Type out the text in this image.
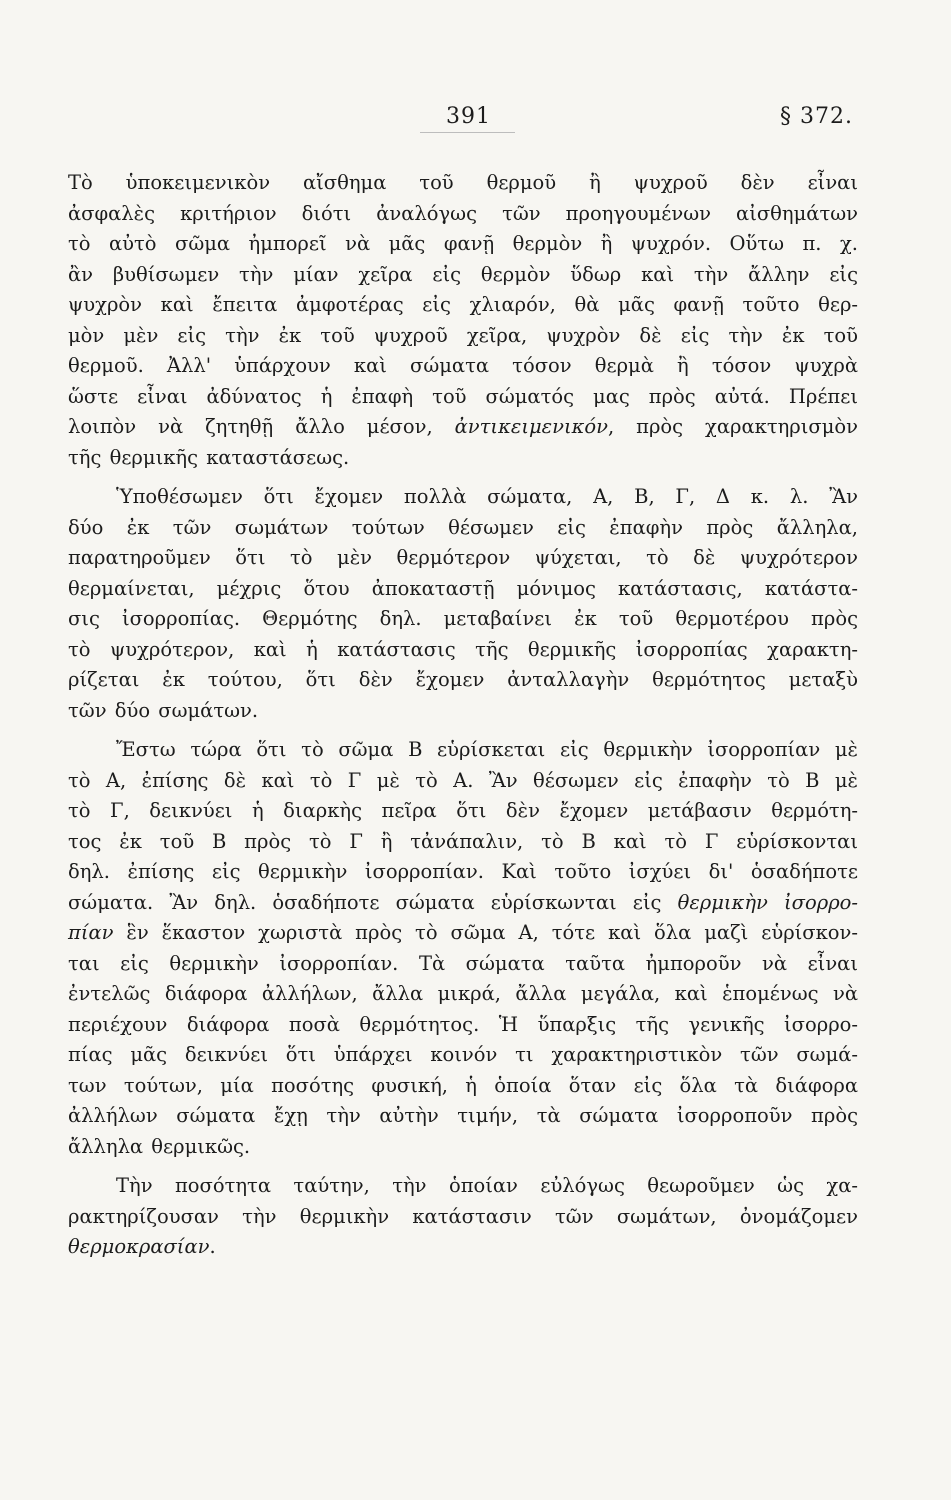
391	§ 372.
Τὸ ὑποκειμενικὸν αἴσθημα τοῦ θερμοῦ ἢ ψυχροῦ δὲν εἶναι
ἀσφαλὲς κριτήριον διότι ἀναλόγως τῶν προηγουμένων αἰσθημάτων
τὸ αὐτὸ σῶμα ἠμπορεῖ νὰ μᾶς φανῇ θερμὸν ἢ ψυχρόν. Οὕτω π. χ.
ἂν βυθίσωμεν τὴν μίαν χεῖρα εἰς θερμὸν ὕδωρ καὶ τὴν ἄλλην εἰς
ψυχρὸν καὶ ἔπειτα ἀμφοτέρας εἰς χλιαρόν, θὰ μᾶς φανῇ τοῦτο θερ-
μὸν μὲν εἰς τὴν ἐκ τοῦ ψυχροῦ χεῖρα, ψυχρὸν δὲ εἰς τὴν ἐκ τοῦ
θερμοῦ. Ἀλλ' ὑπάρχουν καὶ σώματα τόσον θερμὰ ἢ τόσον ψυχρὰ
ὥστε εἶναι ἀδύνατος ἡ ἐπαφὴ τοῦ σώματός μας πρὸς αὐτά. Πρέπει
λοιπὸν νὰ ζητηθῇ ἄλλο μέσον, ἀντικειμενικόν, πρὸς χαρακτηρισμὸν
τῆς θερμικῆς καταστάσεως.
Ὑποθέσωμεν ὅτι ἔχομεν πολλὰ σώματα, Α, Β, Γ, Δ κ. λ. Ἂν
δύο ἐκ τῶν σωμάτων τούτων θέσωμεν εἰς ἐπαφὴν πρὸς ἄλληλα,
παρατηροῦμεν ὅτι τὸ μὲν θερμότερον ψύχεται, τὸ δὲ ψυχρότερον
θερμαίνεται, μέχρις ὅτου ἀποκαταστῇ μόνιμος κατάστασις, κατάστα-
σις ἰσορροπίας. Θερμότης δηλ. μεταβαίνει ἐκ τοῦ θερμοτέρου πρὸς
τὸ ψυχρότερον, καὶ ἡ κατάστασις τῆς θερμικῆς ἰσορροπίας χαρακτη-
ρίζεται ἐκ τούτου, ὅτι δὲν ἔχομεν ἀνταλλαγὴν θερμότητος μεταξὺ
τῶν δύο σωμάτων.
Ἔστω τώρα ὅτι τὸ σῶμα Β εὑρίσκεται εἰς θερμικὴν ἰσορροπίαν μὲ
τὸ Α, ἐπίσης δὲ καὶ τὸ Γ μὲ τὸ Α. Ἂν θέσωμεν εἰς ἐπαφὴν τὸ Β μὲ
τὸ Γ, δεικνύει ἡ διαρκὴς πεῖρα ὅτι δὲν ἔχομεν μετάβασιν θερμότη-
τος ἐκ τοῦ Β πρὸς τὸ Γ ἢ τἀνάπαλιν, τὸ Β καὶ τὸ Γ εὑρίσκονται
δηλ. ἐπίσης εἰς θερμικὴν ἰσορροπίαν. Καὶ τοῦτο ἰσχύει δι' ὁσαδήποτε
σώματα. Ἂν δηλ. ὁσαδήποτε σώματα εὑρίσκωνται εἰς θερμικὴν ἰσορρο-
πίαν ἓν ἕκαστον χωριστὰ πρὸς τὸ σῶμα Α, τότε καὶ ὅλα μαζὶ εὑρίσκον-
ται εἰς θερμικὴν ἰσορροπίαν. Τὰ σώματα ταῦτα ἠμποροῦν νὰ εἶναι
ἐντελῶς διάφορα ἀλλήλων, ἄλλα μικρά, ἄλλα μεγάλα, καὶ ἑπομένως νὰ
περιέχουν διάφορα ποσὰ θερμότητος. Ἡ ὕπαρξις τῆς γενικῆς ἰσορρο-
πίας μᾶς δεικνύει ὅτι ὑπάρχει κοινόν τι χαρακτηριστικὸν τῶν σωμά-
των τούτων, μία ποσότης φυσική, ἡ ὁποία ὅταν εἰς ὅλα τὰ διάφορα
ἀλλήλων σώματα ἔχῃ τὴν αὐτὴν τιμήν, τὰ σώματα ἰσορροποῦν πρὸς
ἄλληλα θερμικῶς.
Τὴν ποσότητα ταύτην, τὴν ὁποίαν εὐλόγως θεωροῦμεν ὡς χα-
ρακτηρίζουσαν τὴν θερμικὴν κατάστασιν τῶν σωμάτων, ὀνομάζομεν
θερμοκρασίαν.
